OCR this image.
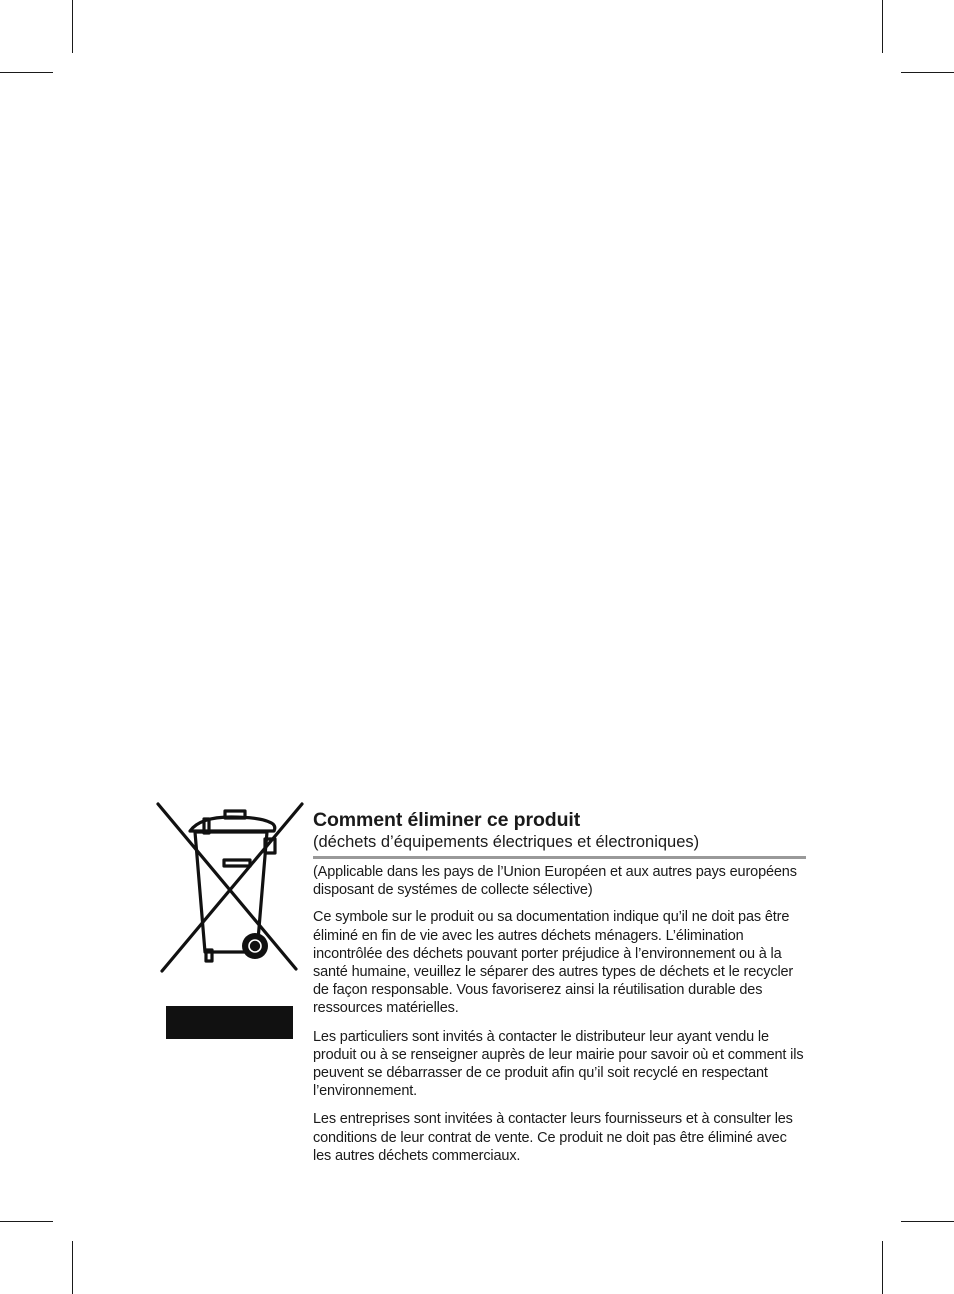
Comment éliminer ce produit

(déchets d’équipements électriques et électroniques)

(Applicable dans les pays de l’Union Européen et aux autres pays européens disposant de systémes de collecte sélective)

Ce symbole sur le produit ou sa documentation indique qu’il ne doit pas être éliminé en fin de vie avec les autres déchets ménagers. L’élimination incontrôlée des déchets pouvant porter préjudice à l’environnement ou à la santé humaine, veuillez le séparer des autres types de déchets et le recycler de façon responsable. Vous favoriserez ainsi la réutilisation durable des ressources matérielles.

Les particuliers sont invités à contacter le distributeur leur ayant vendu le produit ou à se renseigner auprès de leur mairie pour savoir où et comment ils peuvent se débarrasser de ce produit afin qu’il soit recyclé en respectant l’environnement.

Les entreprises sont invitées à contacter leurs fournisseurs et à consulter les conditions de leur contrat de vente. Ce produit ne doit pas être éliminé avec les autres déchets commerciaux.
